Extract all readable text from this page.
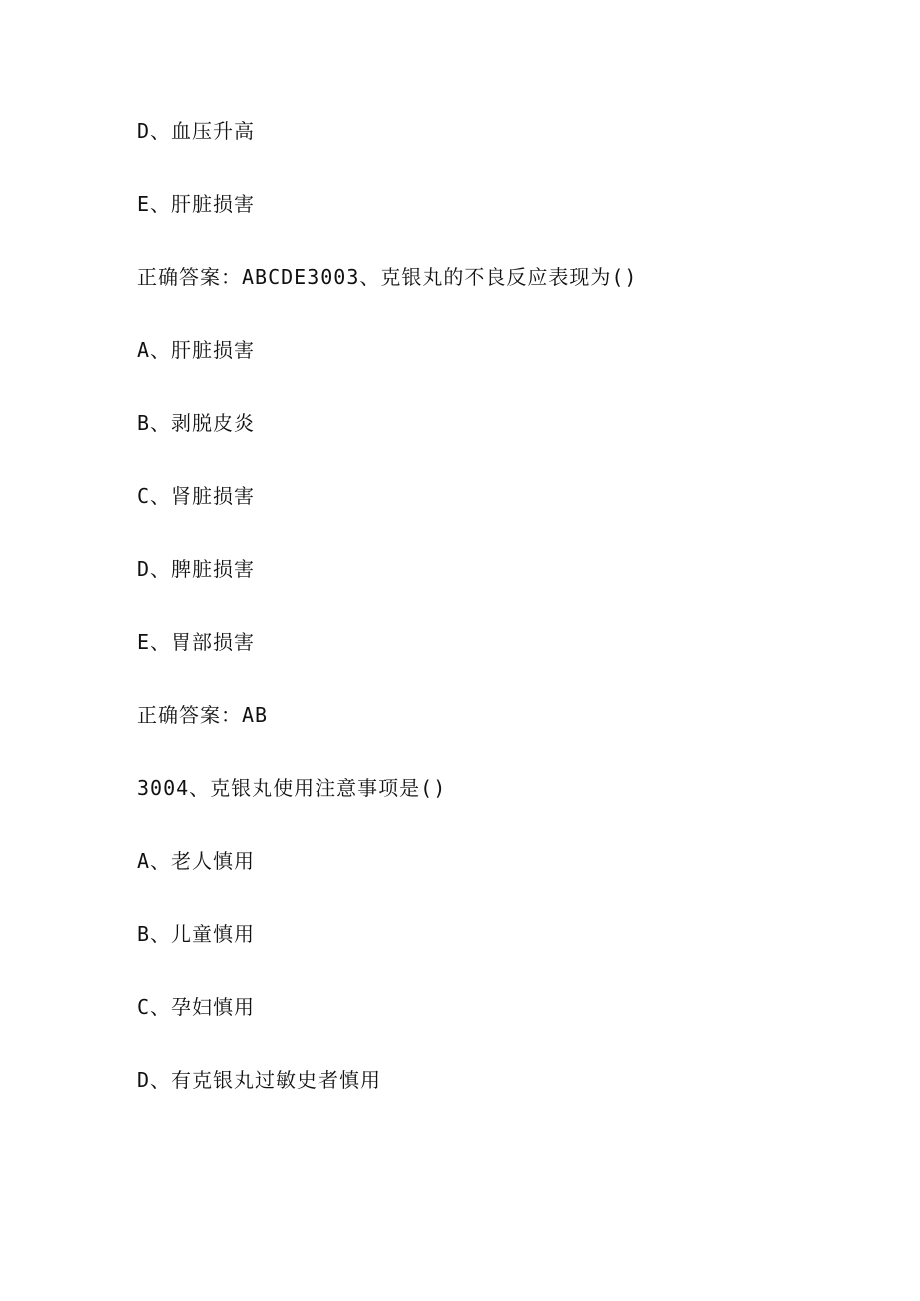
D、血压升高
E、肝脏损害
正确答案：ABCDE3003、克银丸的不良反应表现为()
A、肝脏损害
B、剥脱皮炎
C、肾脏损害
D、脾脏损害
E、胃部损害
正确答案：AB
3004、克银丸使用注意事项是()
A、老人慎用
B、儿童慎用
C、孕妇慎用
D、有克银丸过敏史者慎用
